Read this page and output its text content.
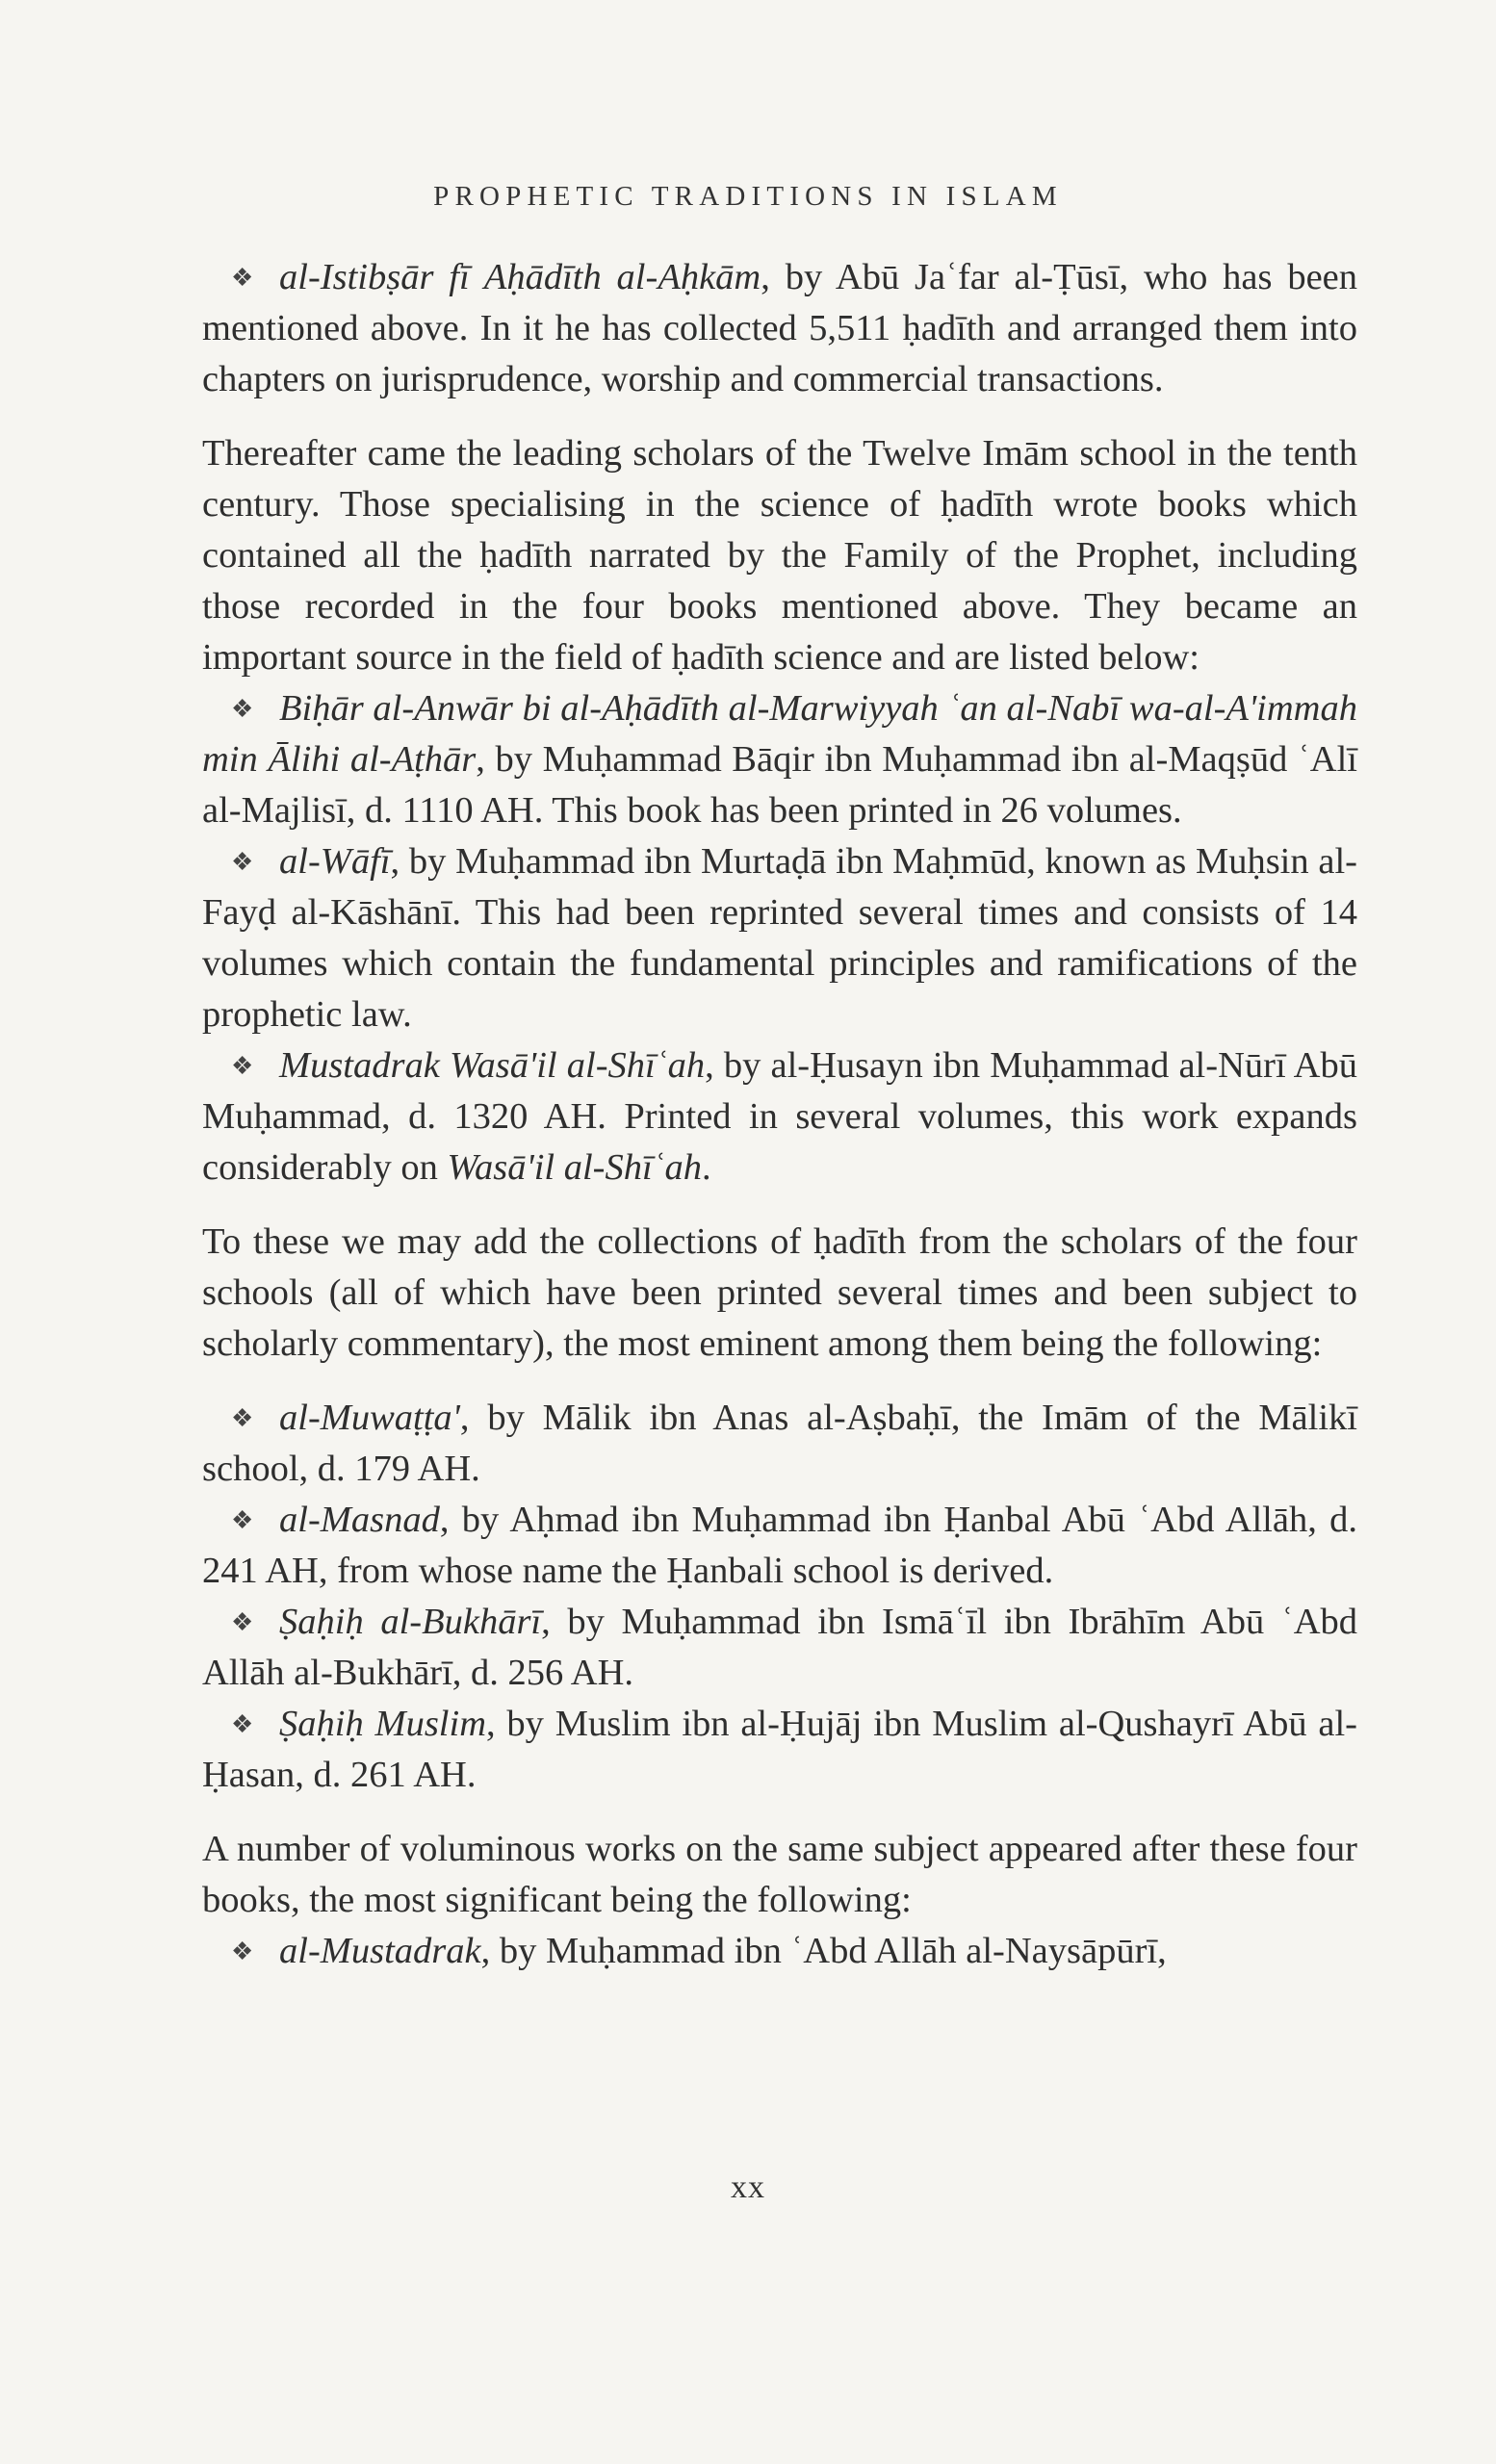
PROPHETIC TRADITIONS IN ISLAM

❖ al-Istibṣār fī Aḥādīth al-Aḥkām, by Abū Jaʿfar al-Ṭūsī, who has been mentioned above. In it he has collected 5,511 ḥadīth and arranged them into chapters on jurisprudence, worship and commercial transactions.

Thereafter came the leading scholars of the Twelve Imām school in the tenth century. Those specialising in the science of ḥadīth wrote books which contained all the ḥadīth narrated by the Family of the Prophet, including those recorded in the four books mentioned above. They became an important source in the field of ḥadīth science and are listed below:

❖ Biḥār al-Anwār bi al-Aḥādīth al-Marwiyyah ʿan al-Nabī wa-al-A'immah min Ālihi al-Aṭhār, by Muḥammad Bāqir ibn Muḥammad ibn al-Maqṣūd ʿAlī al-Majlisī, d. 1110 AH. This book has been printed in 26 volumes.

❖ al-Wāfī, by Muḥammad ibn Murtaḍā ibn Maḥmūd, known as Muḥsin al-Fayḍ al-Kāshānī. This had been reprinted several times and consists of 14 volumes which contain the fundamental principles and ramifications of the prophetic law.

❖ Mustadrak Wasā'il al-Shīʿah, by al-Ḥusayn ibn Muḥammad al-Nūrī Abū Muḥammad, d. 1320 AH. Printed in several volumes, this work expands considerably on Wasā'il al-Shīʿah.

To these we may add the collections of ḥadīth from the scholars of the four schools (all of which have been printed several times and been subject to scholarly commentary), the most eminent among them being the following:

❖ al-Muwaṭṭa', by Mālik ibn Anas al-Aṣbaḥī, the Imām of the Mālikī school, d. 179 AH.

❖ al-Masnad, by Aḥmad ibn Muḥammad ibn Ḥanbal Abū ʿAbd Allāh, d. 241 AH, from whose name the Ḥanbali school is derived.

❖ Ṣaḥiḥ al-Bukhārī, by Muḥammad ibn Ismāʿīl ibn Ibrāhīm Abū ʿAbd Allāh al-Bukhārī, d. 256 AH.

❖ Ṣaḥiḥ Muslim, by Muslim ibn al-Ḥujāj ibn Muslim al-Qushayrī Abū al-Ḥasan, d. 261 AH.

A number of voluminous works on the same subject appeared after these four books, the most significant being the following:

❖ al-Mustadrak, by Muḥammad ibn ʿAbd Allāh al-Naysāpūrī,

xx
